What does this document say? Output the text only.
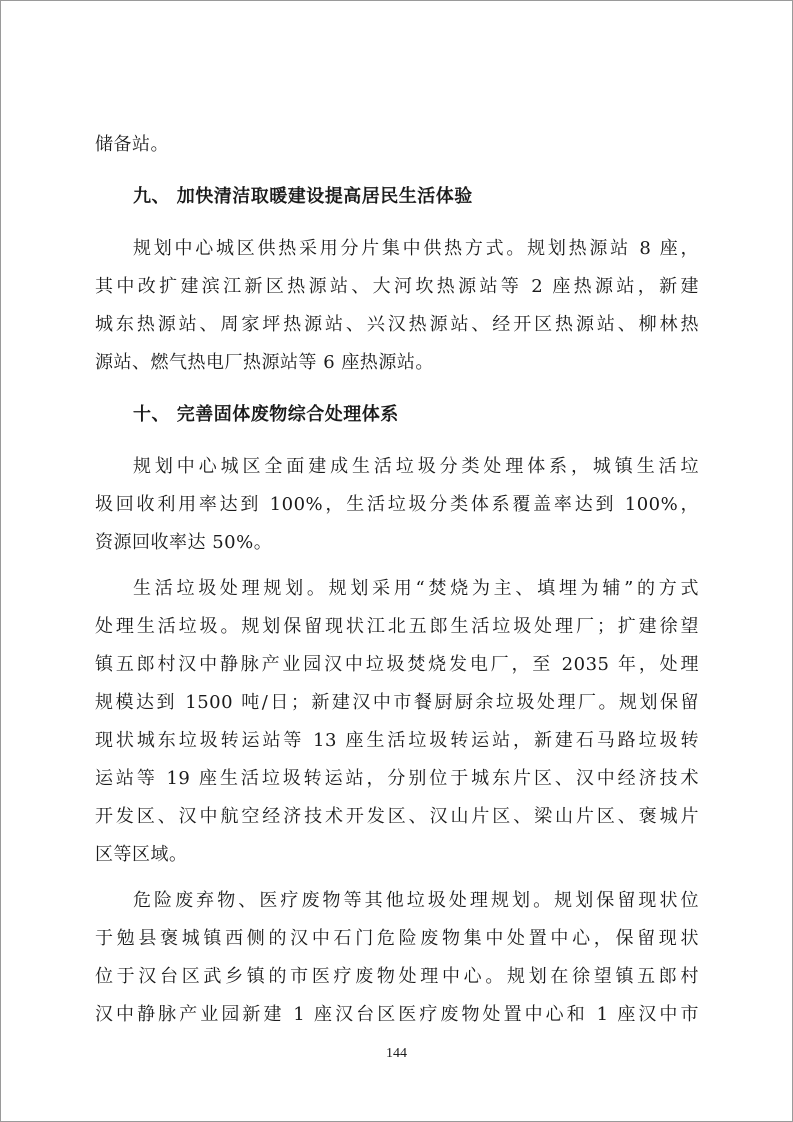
储备站。
九、 加快清洁取暖建设提高居民生活体验
规划中心城区供热采用分片集中供热方式。规划热源站 8 座，
其中改扩建滨江新区热源站、大河坎热源站等 2 座热源站，新建
城东热源站、周家坪热源站、兴汉热源站、经开区热源站、柳林热
源站、燃气热电厂热源站等 6 座热源站。
十、 完善固体废物综合处理体系
规划中心城区全面建成生活垃圾分类处理体系，城镇生活垃
圾回收利用率达到 100%，生活垃圾分类体系覆盖率达到 100%，
资源回收率达 50%。
生活垃圾处理规划。规划采用“焚烧为主、填埋为辅”的方式
处理生活垃圾。规划保留现状江北五郎生活垃圾处理厂；扩建徐望
镇五郎村汉中静脉产业园汉中垃圾焚烧发电厂，至 2035 年，处理
规模达到 1500 吨/日；新建汉中市餐厨厨余垃圾处理厂。规划保留
现状城东垃圾转运站等 13 座生活垃圾转运站，新建石马路垃圾转
运站等 19 座生活垃圾转运站，分别位于城东片区、汉中经济技术
开发区、汉中航空经济技术开发区、汉山片区、梁山片区、褒城片
区等区域。
危险废弃物、医疗废物等其他垃圾处理规划。规划保留现状位
于勉县褒城镇西侧的汉中石门危险废物集中处置中心，保留现状
位于汉台区武乡镇的市医疗废物处理中心。规划在徐望镇五郎村
汉中静脉产业园新建 1 座汉台区医疗废物处置中心和 1 座汉中市
144
